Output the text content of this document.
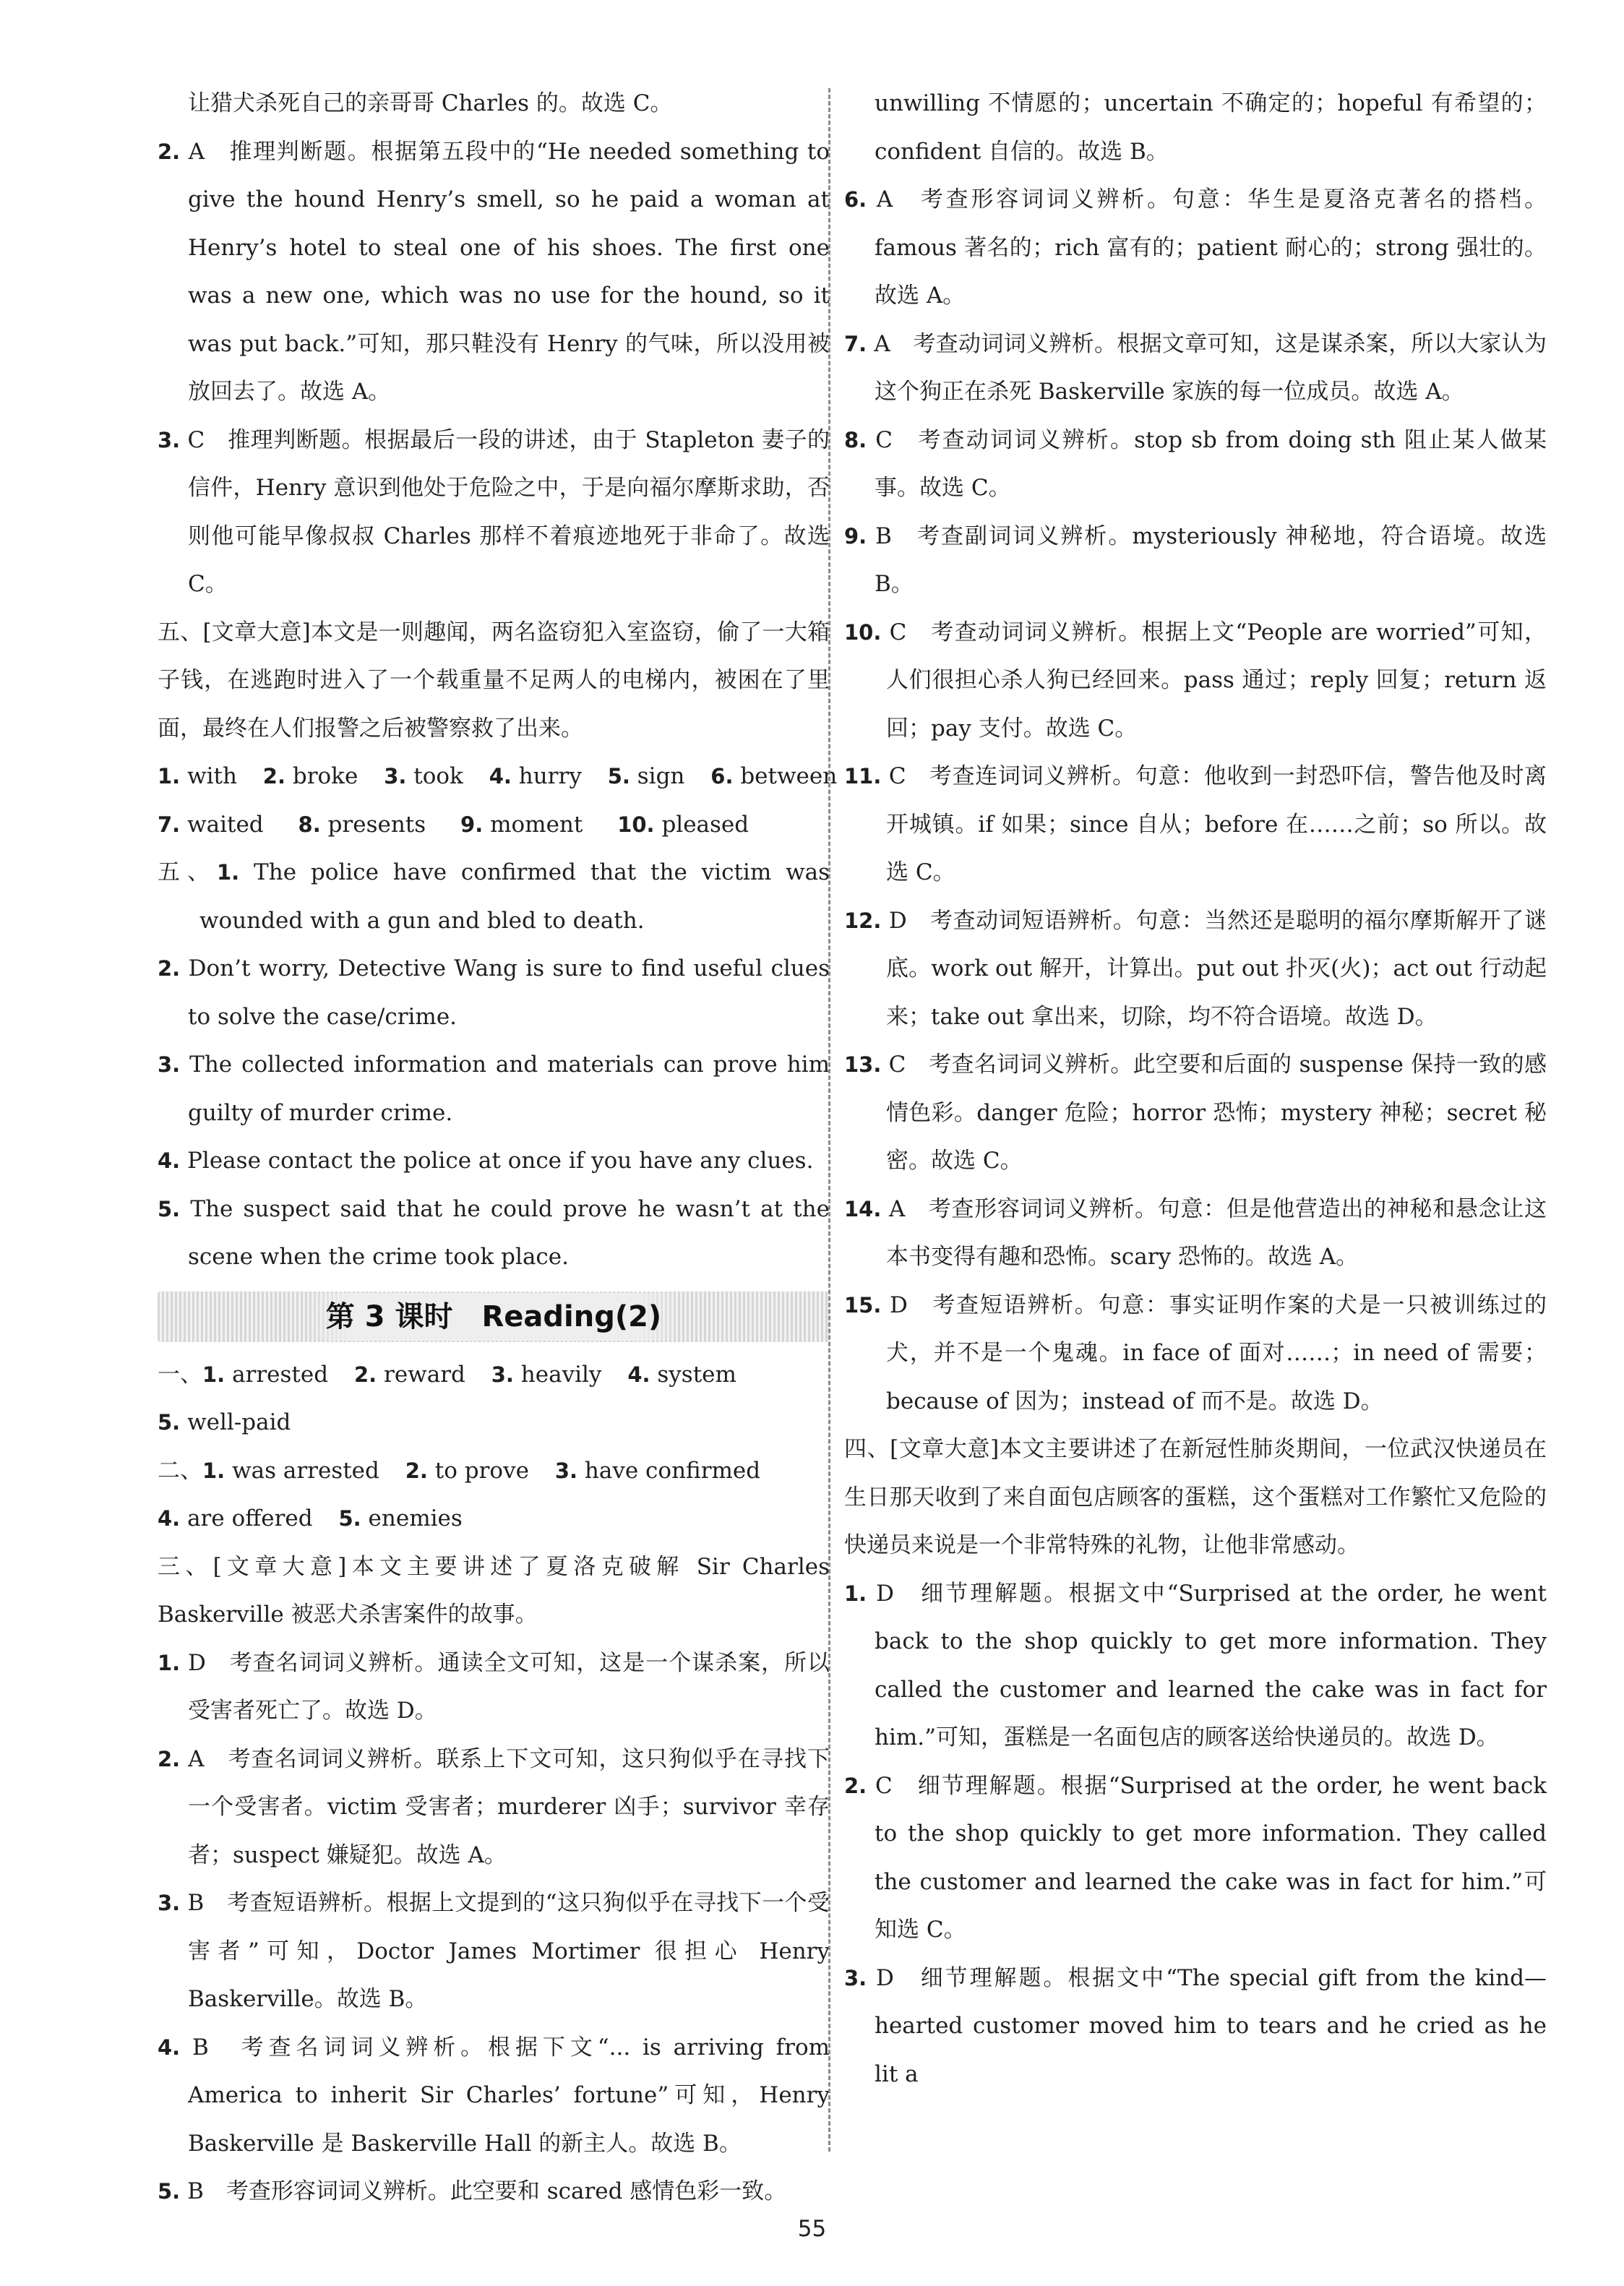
让猎犬杀死自己的亲哥哥 Charles 的。故选 C。

2. A　推理判断题。根据第五段中的“He needed something to give the hound Henry’s smell, so he paid a woman at Henry’s hotel to steal one of his shoes. The first one was a new one, which was no use for the hound, so it was put back.”可知，那只鞋没有 Henry 的气味，所以没用被放回去了。故选 A。

3. C　推理判断题。根据最后一段的讲述，由于 Stapleton 妻子的信件，Henry 意识到他处于危险之中，于是向福尔摩斯求助，否则他可能早像叔叔 Charles 那样不着痕迹地死于非命了。故选 C。

五、[文章大意]本文是一则趣闻，两名盗窃犯入室盗窃，偷了一大箱子钱，在逃跑时进入了一个载重量不足两人的电梯内，被困在了里面，最终在人们报警之后被警察救了出来。

1. with 2. broke 3. took 4. hurry 5. sign 6. between

7. waited 8. presents 9. moment 10. pleased

五、1. The police have confirmed that the victim was wounded with a gun and bled to death.

2. Don’t worry, Detective Wang is sure to find useful clues to solve the case/crime.

3. The collected information and materials can prove him guilty of murder crime.

4. Please contact the police at once if you have any clues.

5. The suspect said that he could prove he wasn’t at the scene when the crime took place.

第 3 课时　Reading(2)

一、1. arrested 2. reward 3. heavily 4. system

5. well-paid

二、1. was arrested 2. to prove 3. have confirmed

4. are offered 5. enemies

三、[文章大意]本文主要讲述了夏洛克破解 Sir Charles Baskerville 被恶犬杀害案件的故事。

1. D　考查名词词义辨析。通读全文可知，这是一个谋杀案，所以受害者死亡了。故选 D。

2. A　考查名词词义辨析。联系上下文可知，这只狗似乎在寻找下一个受害者。victim 受害者；murderer 凶手；survivor 幸存者；suspect 嫌疑犯。故选 A。

3. B　考查短语辨析。根据上文提到的“这只狗似乎在寻找下一个受害者”可知，Doctor James Mortimer 很担心 Henry Baskerville。故选 B。

4. B　考查名词词义辨析。根据下文“... is arriving from America to inherit Sir Charles’ fortune”可知，Henry Baskerville 是 Baskerville Hall 的新主人。故选 B。

5. B　考查形容词词义辨析。此空要和 scared 感情色彩一致。

unwilling 不情愿的；uncertain 不确定的；hopeful 有希望的；confident 自信的。故选 B。

6. A　考查形容词词义辨析。句意：华生是夏洛克著名的搭档。famous 著名的；rich 富有的；patient 耐心的；strong 强壮的。故选 A。

7. A　考查动词词义辨析。根据文章可知，这是谋杀案，所以大家认为这个狗正在杀死 Baskerville 家族的每一位成员。故选 A。

8. C　考查动词词义辨析。stop sb from doing sth 阻止某人做某事。故选 C。

9. B　考查副词词义辨析。mysteriously 神秘地，符合语境。故选 B。

10. C　考查动词词义辨析。根据上文“People are worried”可知，人们很担心杀人狗已经回来。pass 通过；reply 回复；return 返回；pay 支付。故选 C。

11. C　考查连词词义辨析。句意：他收到一封恐吓信，警告他及时离开城镇。if 如果；since 自从；before 在……之前；so 所以。故选 C。

12. D　考查动词短语辨析。句意：当然还是聪明的福尔摩斯解开了谜底。work out 解开，计算出。put out 扑灭(火)；act out 行动起来；take out 拿出来，切除，均不符合语境。故选 D。

13. C　考查名词词义辨析。此空要和后面的 suspense 保持一致的感情色彩。danger 危险；horror 恐怖；mystery 神秘；secret 秘密。故选 C。

14. A　考查形容词词义辨析。句意：但是他营造出的神秘和悬念让这本书变得有趣和恐怖。scary 恐怖的。故选 A。

15. D　考查短语辨析。句意：事实证明作案的犬是一只被训练过的犬，并不是一个鬼魂。in face of 面对……；in need of 需要；because of 因为；instead of 而不是。故选 D。

四、[文章大意]本文主要讲述了在新冠性肺炎期间，一位武汉快递员在生日那天收到了来自面包店顾客的蛋糕，这个蛋糕对工作繁忙又危险的快递员来说是一个非常特殊的礼物，让他非常感动。

1. D　细节理解题。根据文中“Surprised at the order, he went back to the shop quickly to get more information. They called the customer and learned the cake was in fact for him.”可知，蛋糕是一名面包店的顾客送给快递员的。故选 D。

2. C　细节理解题。根据“Surprised at the order, he went back to the shop quickly to get more information. They called the customer and learned the cake was in fact for him.”可知选 C。

3. D　细节理解题。根据文中“The special gift from the kind—hearted customer moved him to tears and he cried as he lit a

55
